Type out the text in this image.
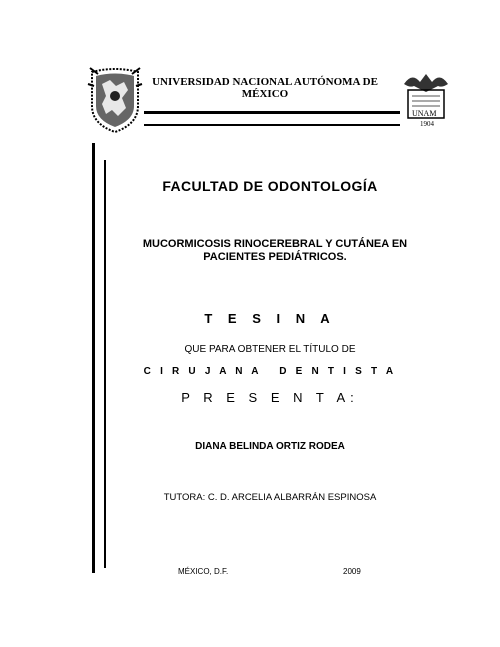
UNIVERSIDAD NACIONAL AUTÓNOMA DE MÉXICO
UNAM
1904
FACULTAD DE ODONTOLOGÍA
MUCORMICOSIS RINOCEREBRAL Y CUTÁNEA EN PACIENTES PEDIÁTRICOS.
T E S I N A
QUE PARA OBTENER EL TÍTULO DE
C I R U J A N A   D E N T I S T A
P R E S E N T A:
DIANA BELINDA ORTIZ RODEA
TUTORA: C. D. ARCELIA ALBARRÁN ESPINOSA
MÉXICO, D.F.	2009
